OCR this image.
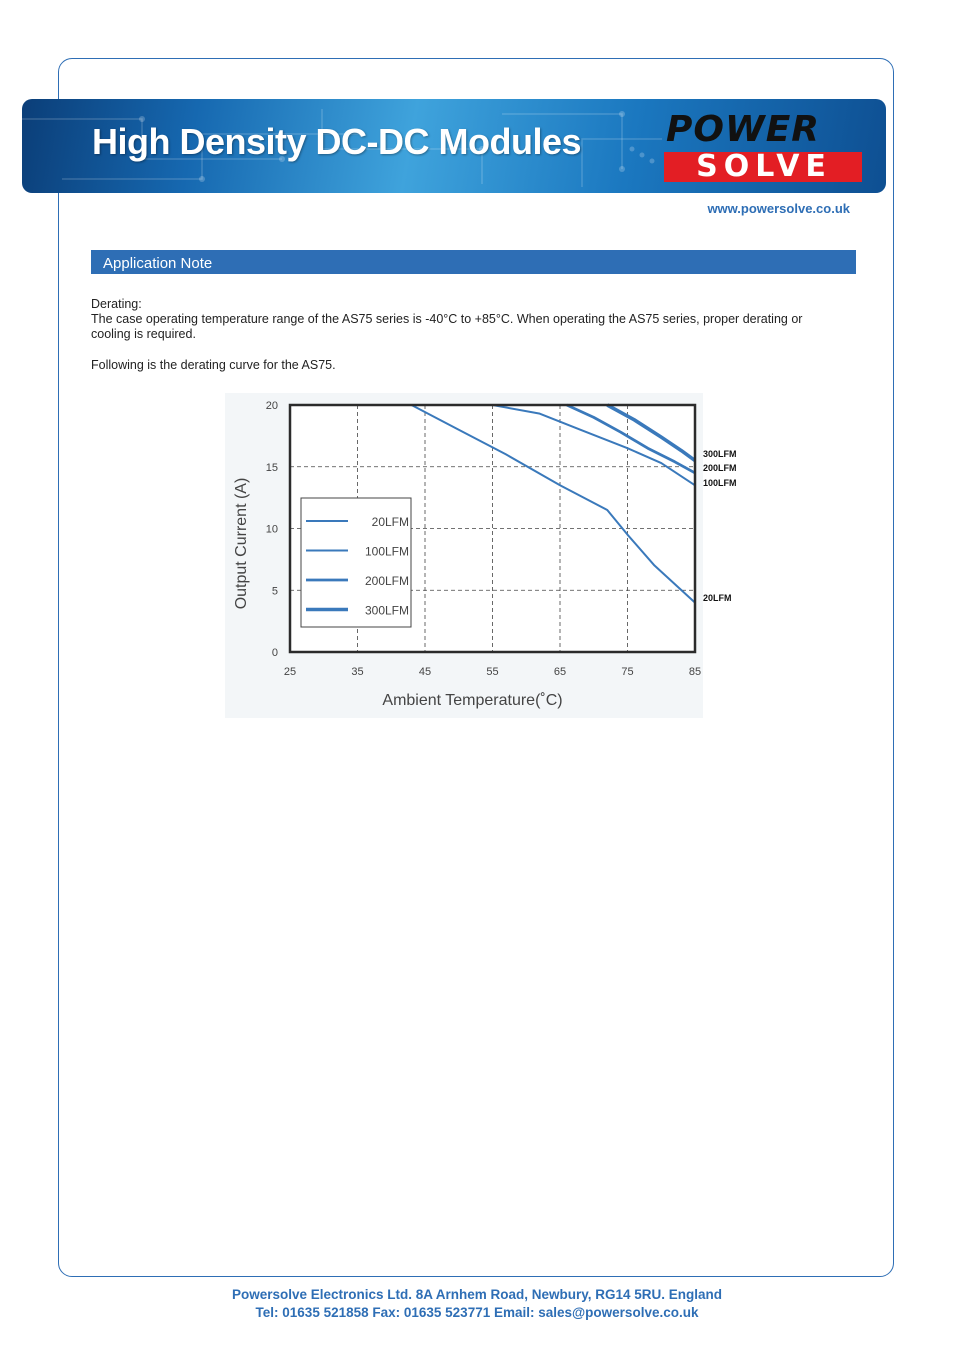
High Density DC-DC Modules POWER
SOLVE
www.powersolve.co.uk
Application Note
Derating:
The case operating temperature range of the AS75 series is -40°C to +85°C. When operating the AS75 series, proper derating or cooling is required.
Following is the derating curve for the AS75.
25	35	45	55	65	75	85
0
5
10
15
20
Ambient Temperature(˚C)
Output Current (A)	20LFM
100LFM
200LFM
300LFM
300LFM
200LFM
100LFM
20LFM
Powersolve Electronics Ltd. 8A Arnhem Road, Newbury, RG14 5RU. England
Tel: 01635 521858 Fax: 01635 523771 Email: sales@powersolve.co.uk
